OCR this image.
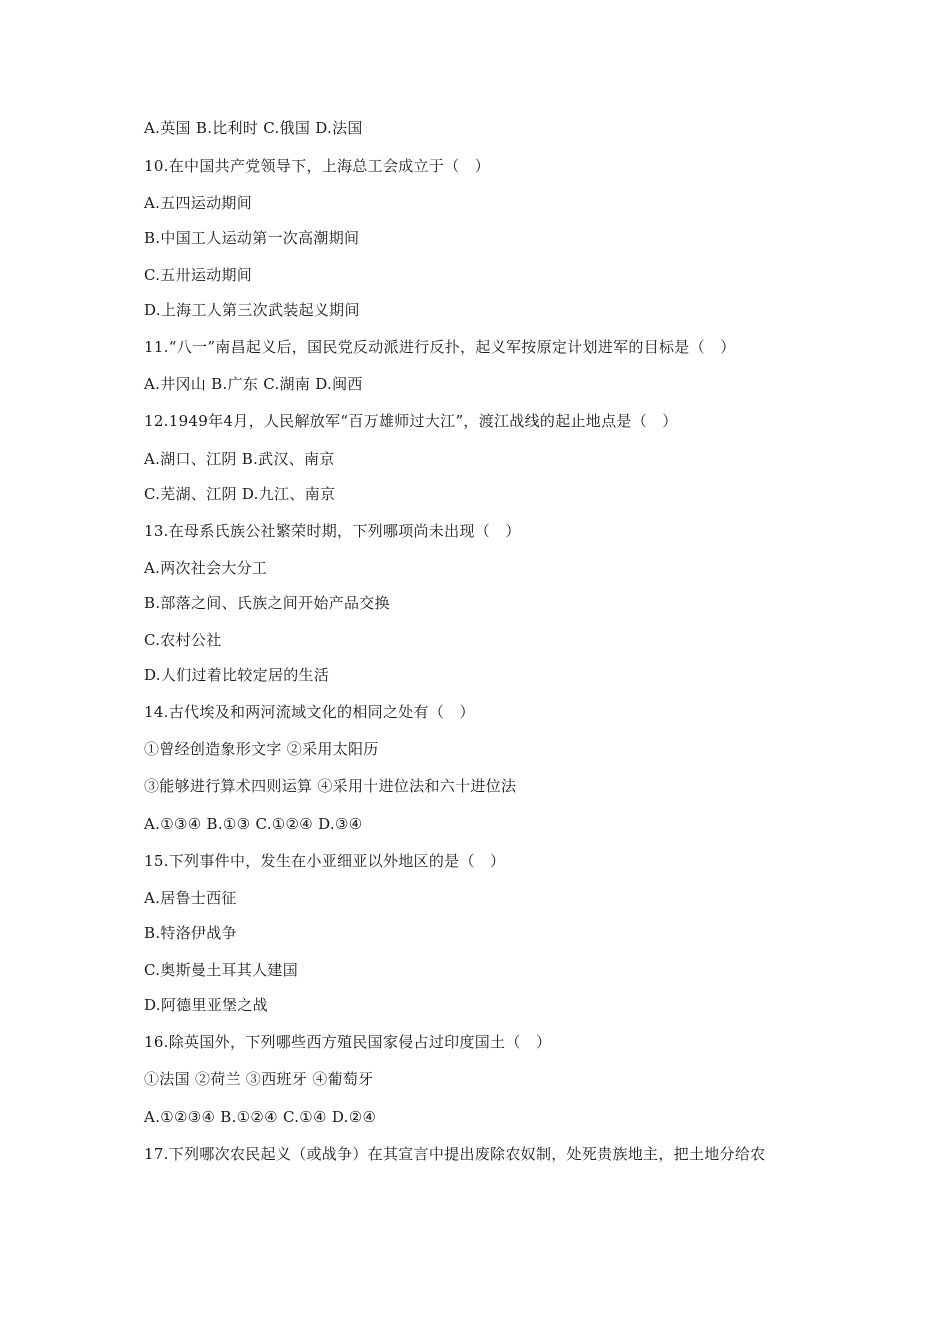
A.英国 B.比利时 C.俄国 D.法国
10.在中国共产党领导下，上海总工会成立于（　）
A.五四运动期间
B.中国工人运动第一次高潮期间
C.五卅运动期间
D.上海工人第三次武装起义期间
11.“八一”南昌起义后，国民党反动派进行反扑，起义军按原定计划进军的目标是（　）
A.井冈山 B.广东 C.湖南 D.闽西
12.1949年4月，人民解放军“百万雄师过大江”，渡江战线的起止地点是（　）
A.湖口、江阴 B.武汉、南京
C.芜湖、江阴 D.九江、南京
13.在母系氏族公社繁荣时期，下列哪项尚未出现（　）
A.两次社会大分工
B.部落之间、氏族之间开始产品交换
C.农村公社
D.人们过着比较定居的生活
14.古代埃及和两河流域文化的相同之处有（　）
①曾经创造象形文字 ②采用太阳历
③能够进行算术四则运算 ④采用十进位法和六十进位法
A.①③④ B.①③ C.①②④ D.③④
15.下列事件中，发生在小亚细亚以外地区的是（　）
A.居鲁士西征
B.特洛伊战争
C.奥斯曼土耳其人建国
D.阿德里亚堡之战
16.除英国外，下列哪些西方殖民国家侵占过印度国土（　）
①法国 ②荷兰 ③西班牙 ④葡萄牙
A.①②③④ B.①②④ C.①④ D.②④
17.下列哪次农民起义（或战争）在其宣言中提出废除农奴制，处死贵族地主，把土地分给农
